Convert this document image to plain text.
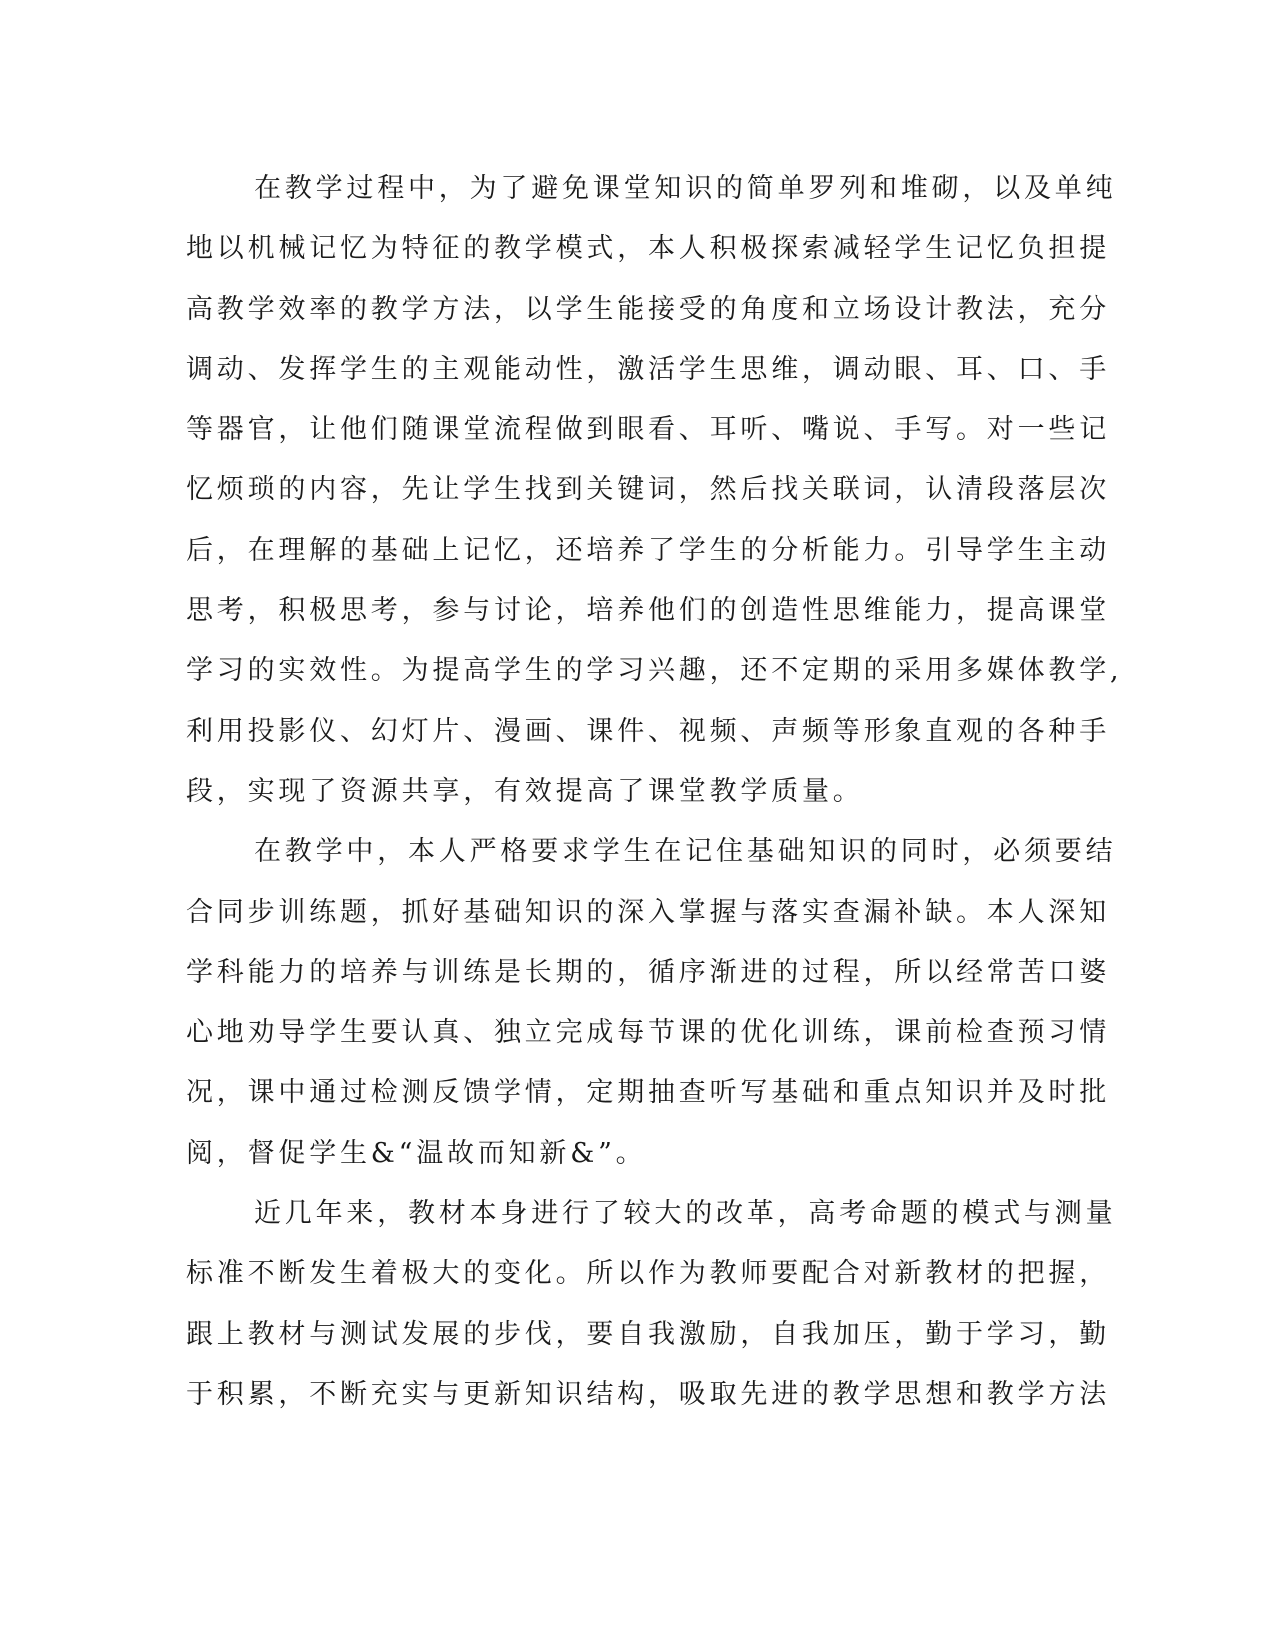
在教学过程中，为了避免课堂知识的简单罗列和堆砌，以及单纯
地以机械记忆为特征的教学模式，本人积极探索减轻学生记忆负担提
高教学效率的教学方法，以学生能接受的角度和立场设计教法，充分
调动、发挥学生的主观能动性，激活学生思维，调动眼、耳、口、手
等器官，让他们随课堂流程做到眼看、耳听、嘴说、手写。对一些记
忆烦琐的内容，先让学生找到关键词，然后找关联词，认清段落层次
后，在理解的基础上记忆，还培养了学生的分析能力。引导学生主动
思考，积极思考，参与讨论，培养他们的创造性思维能力，提高课堂
学习的实效性。为提高学生的学习兴趣，还不定期的采用多媒体教学,
利用投影仪、幻灯片、漫画、课件、视频、声频等形象直观的各种手
段，实现了资源共享，有效提高了课堂教学质量。
在教学中，本人严格要求学生在记住基础知识的同时，必须要结
合同步训练题，抓好基础知识的深入掌握与落实查漏补缺。本人深知
学科能力的培养与训练是长期的，循序渐进的过程，所以经常苦口婆
心地劝导学生要认真、独立完成每节课的优化训练，课前检查预习情
况，课中通过检测反馈学情，定期抽查听写基础和重点知识并及时批
阅，督促学生&“温故而知新&”。
近几年来，教材本身进行了较大的改革，高考命题的模式与测量
标准不断发生着极大的变化。所以作为教师要配合对新教材的把握，
跟上教材与测试发展的步伐，要自我激励，自我加压，勤于学习，勤
于积累，不断充实与更新知识结构，吸取先进的教学思想和教学方法
